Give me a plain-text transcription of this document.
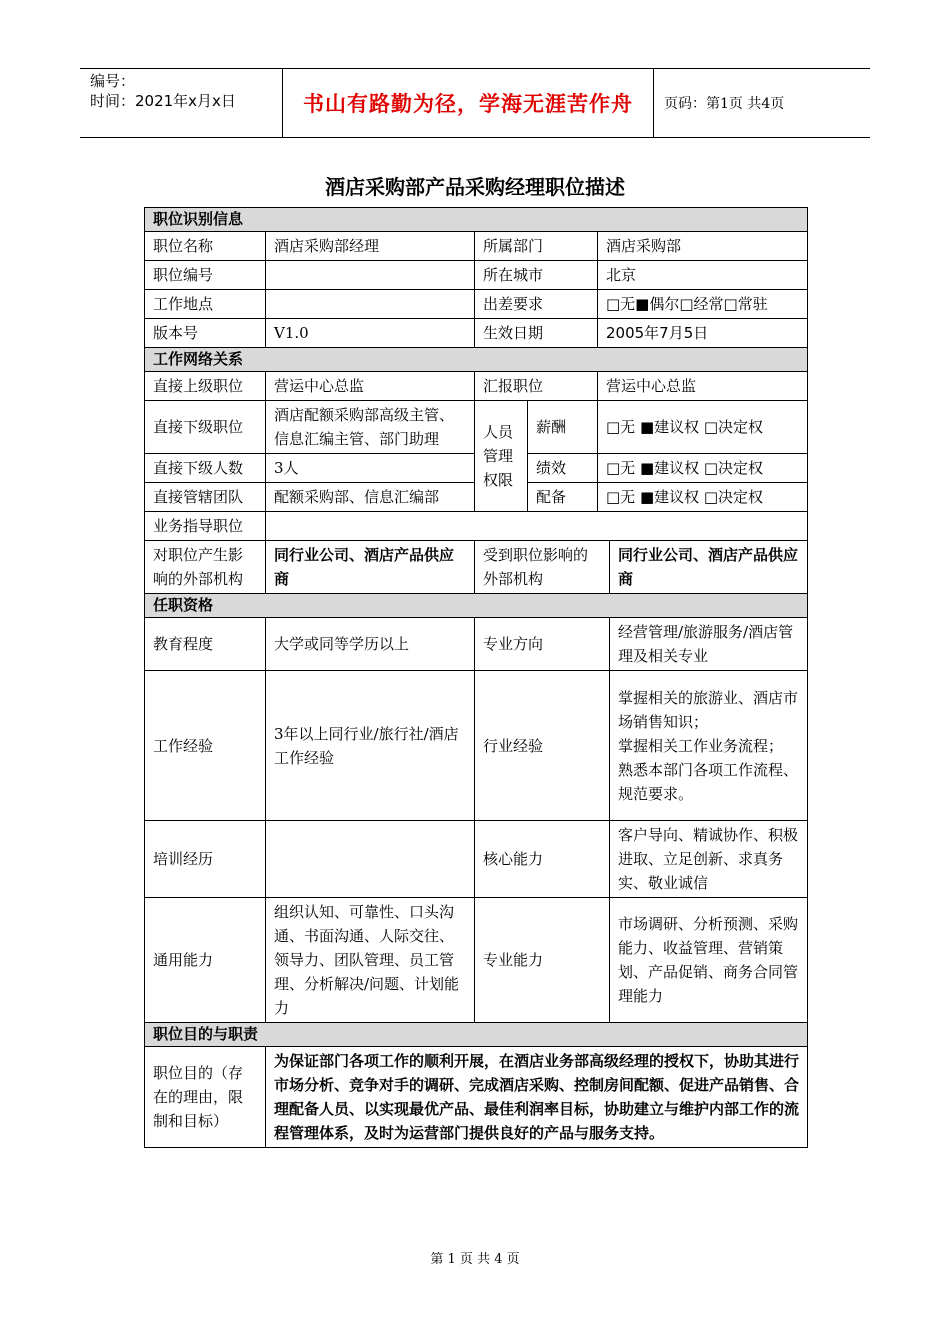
编号：
时间：2021年x月x日	书山有路勤为径，学海无涯苦作舟	页码：第1页 共4页
酒店采购部产品采购经理职位描述
职位识别信息					
职位名称	酒店采购部经理	所属部门		酒店采购部	
职位编号		所在城市		北京	
工作地点		出差要求		□无■偶尔□经常□常驻	
版本号	V1.0	生效日期		2005年7月5日	
工作网络关系					
直接上级职位	营运中心总监	汇报职位		营运中心总监	
直接下级职位	酒店配额采购部高级主管、信息汇编主管、部门助理	人员管理权限	薪酬	□无 ■建议权 □决定权	
直接下级人数	3人		绩效	□无 ■建议权 □决定权	
直接管辖团队	配额采购部、信息汇编部		配备	□无 ■建议权 □决定权	
业务指导职位					
对职位产生影响的外部机构	同行业公司、酒店产品供应商	受到职位影响的外部机构			同行业公司、酒店产品供应商
任职资格					
教育程度	大学或同等学历以上	专业方向			经营管理/旅游服务/酒店管理及相关专业
工作经验	3年以上同行业/旅行社/酒店工作经验	行业经验			掌握相关的旅游业、酒店市场销售知识；
掌握相关工作业务流程；
熟悉本部门各项工作流程、规范要求。

培训经历		核心能力			客户导向、精诚协作、积极进取、立足创新、求真务实、敬业诚信
通用能力	组织认知、可靠性、口头沟通、书面沟通、人际交往、领导力、团队管理、员工管理、分析解决/问题、计划能力	专业能力			市场调研、分析预测、采购能力、收益管理、营销策划、产品促销、商务合同管理能力
职位目的与职责					
职位目的（存在的理由，限制和目标）	为保证部门各项工作的顺利开展，在酒店业务部高级经理的授权下，协助其进行市场分析、竞争对手的调研、完成酒店采购、控制房间配额、促进产品销售、合理配备人员、以实现最优产品、最佳利润率目标，协助建立与维护内部工作的流程管理体系，及时为运营部门提供良好的产品与服务支持。				
第 1 页 共 4 页
